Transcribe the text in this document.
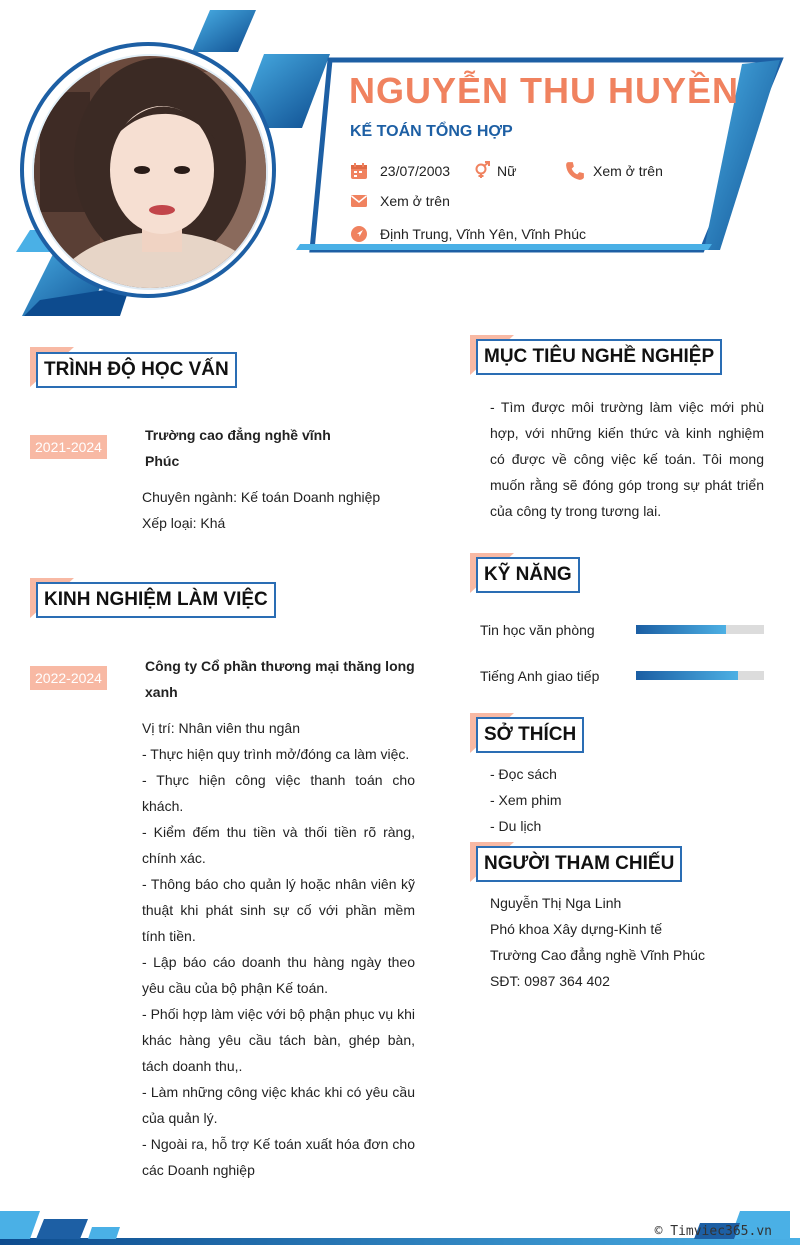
NGUYỄN THU HUYỀN
KẾ TOÁN TỔNG HỢP
23/07/2003	Nữ	Xem ở trên
Xem ở trên
Định Trung, Vĩnh Yên, Vĩnh Phúc
TRÌNH ĐỘ HỌC VẤN
2021-2024
Trường cao đẳng nghề vĩnh
Phúc
Chuyên ngành: Kế toán Doanh nghiệp
Xếp loại: Khá
KINH NGHIỆM LÀM VIỆC
2022-2024
Công ty Cổ phần thương mại thăng long
xanh
Vị trí: Nhân viên thu ngân
- Thực hiện quy trình mở/đóng ca làm việc.
- Thực hiện công việc thanh toán cho khách.
- Kiểm đếm thu tiền và thối tiền rõ ràng, chính xác.
- Thông báo cho quản lý hoặc nhân viên kỹ thuật khi phát sinh sự cố với phần mềm tính tiền.
- Lập báo cáo doanh thu hàng ngày theo yêu cầu của bộ phận Kế toán.
- Phối hợp làm việc với bộ phận phục vụ khi khác hàng yêu cầu tách bàn, ghép bàn, tách doanh thu,.
- Làm những công việc khác khi có yêu cầu của quản lý.
- Ngoài ra, hỗ trợ Kế toán xuất hóa đơn cho các Doanh nghiệp
MỤC TIÊU NGHỀ NGHIỆP
- Tìm được môi trường làm việc mới phù hợp, với những kiến thức và kinh nghiệm có được về công việc kế toán. Tôi mong muốn rằng sẽ đóng góp trong sự phát triển của công ty trong tương lai.
KỸ NĂNG
Tin học văn phòng
Tiếng Anh giao tiếp
SỞ THÍCH
- Đọc sách
- Xem phim
- Du lịch
NGƯỜI THAM CHIẾU
Nguyễn Thị Nga Linh
Phó khoa Xây dựng-Kinh tế
Trường Cao đẳng nghề Vĩnh Phúc
SĐT: 0987 364 402
© Timviec365.vn
